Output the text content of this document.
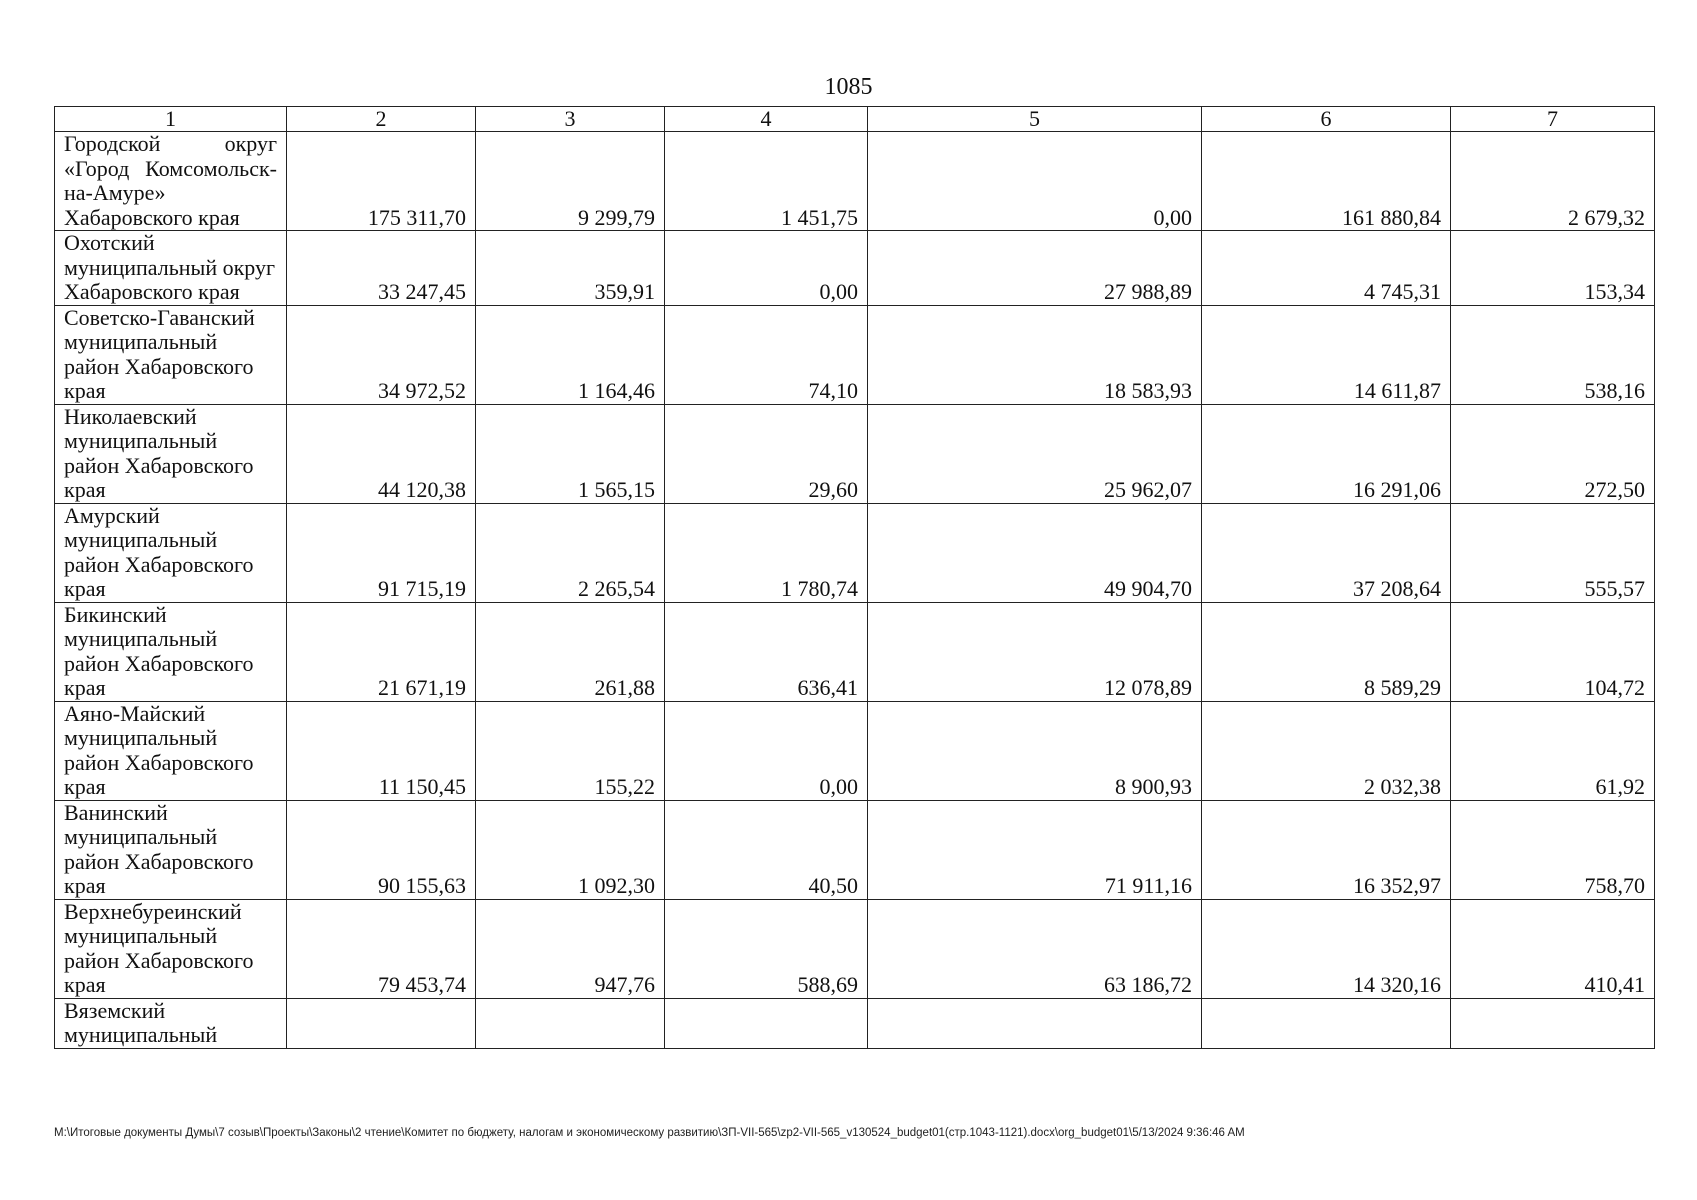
1085
1	2	3	4	5	6	7
Городской округ «Город Комсомольск-на-Амуре» Хабаровского края	175 311,70	9 299,79	1 451,75	0,00	161 880,84	2 679,32
Охотский муниципальный округ Хабаровского края	33 247,45	359,91	0,00	27 988,89	4 745,31	153,34
Советско-Гаванский муниципальный район Хабаровского края	34 972,52	1 164,46	74,10	18 583,93	14 611,87	538,16
Николаевский муниципальный район Хабаровского края	44 120,38	1 565,15	29,60	25 962,07	16 291,06	272,50
Амурский муниципальный район Хабаровского края	91 715,19	2 265,54	1 780,74	49 904,70	37 208,64	555,57
Бикинский муниципальный район Хабаровского края	21 671,19	261,88	636,41	12 078,89	8 589,29	104,72
Аяно-Майский муниципальный район Хабаровского края	11 150,45	155,22	0,00	8 900,93	2 032,38	61,92
Ванинский муниципальный район Хабаровского края	90 155,63	1 092,30	40,50	71 911,16	16 352,97	758,70
Верхнебуреинский муниципальный район Хабаровского края	79 453,74	947,76	588,69	63 186,72	14 320,16	410,41
Вяземский муниципальный						
М:\Итоговые документы Думы\7 созыв\Проекты\Законы\2 чтение\Комитет по бюджету, налогам и экономическому развитию\ЗП-VII-565\zp2-VII-565_v130524_budget01(стр.1043-1121).docx\org_budget01\5/13/2024 9:36:46 AM
